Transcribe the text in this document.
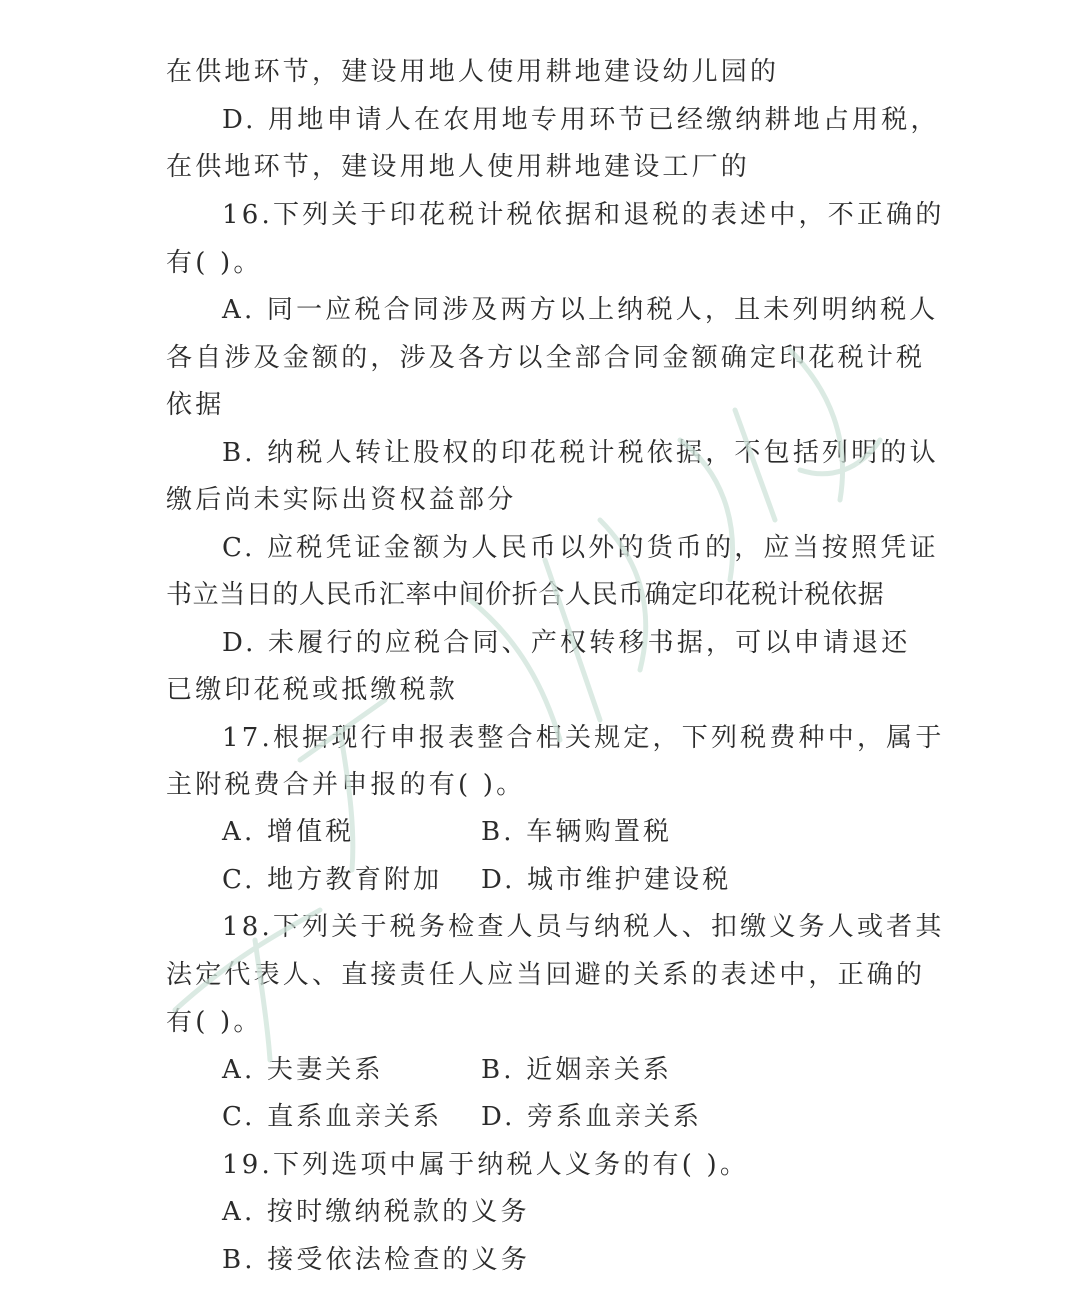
在供地环节，建设用地人使用耕地建设幼儿园的
D. 用地申请人在农用地专用环节已经缴纳耕地占用税，
在供地环节，建设用地人使用耕地建设工厂的
16.下列关于印花税计税依据和退税的表述中，不正确的
有( )。
A. 同一应税合同涉及两方以上纳税人，且未列明纳税人
各自涉及金额的，涉及各方以全部合同金额确定印花税计税
依据
B. 纳税人转让股权的印花税计税依据，不包括列明的认
缴后尚未实际出资权益部分
C. 应税凭证金额为人民币以外的货币的，应当按照凭证
书立当日的人民币汇率中间价折合人民币确定印花税计税依据
D. 未履行的应税合同、产权转移书据，可以申请退还
已缴印花税或抵缴税款
17.根据现行申报表整合相关规定，下列税费种中，属于
主附税费合并申报的有( )。
A. 增值税	B. 车辆购置税
C. 地方教育附加 D. 城市维护建设税
18.下列关于税务检查人员与纳税人、扣缴义务人或者其
法定代表人、直接责任人应当回避的关系的表述中，正确的
有( )。
A. 夫妻关系	B. 近姻亲关系
C. 直系血亲关系 D. 旁系血亲关系
19.下列选项中属于纳税人义务的有( )。
A. 按时缴纳税款的义务
B. 接受依法检查的义务
